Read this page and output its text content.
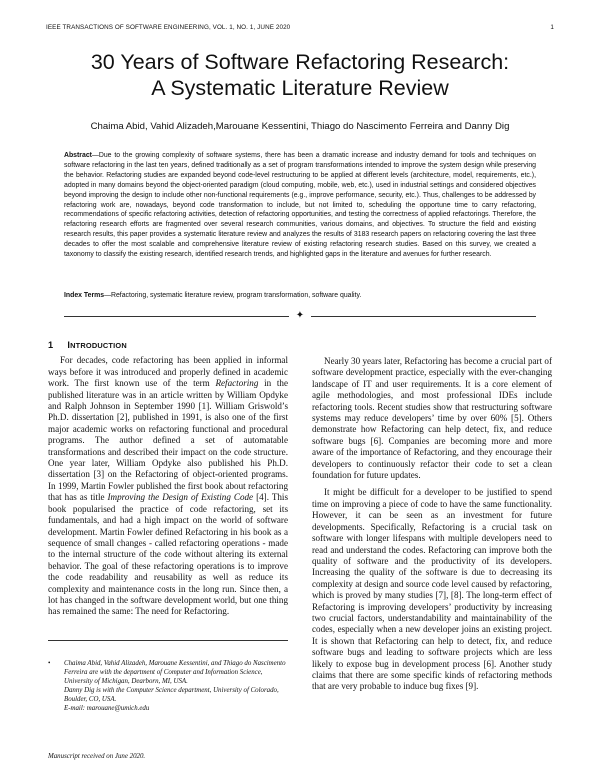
IEEE TRANSACTIONS OF SOFTWARE ENGINEERING, VOL. 1, NO. 1, JUNE 2020	1
30 Years of Software Refactoring Research:
A Systematic Literature Review
Chaima Abid, Vahid Alizadeh,Marouane Kessentini, Thiago do Nascimento Ferreira and Danny Dig
Abstract—Due to the growing complexity of software systems, there has been a dramatic increase and industry demand for tools and techniques on software refactoring in the last ten years, defined traditionally as a set of program transformations intended to improve the system design while preserving the behavior. Refactoring studies are expanded beyond code-level restructuring to be applied at different levels (architecture, model, requirements, etc.), adopted in many domains beyond the object-oriented paradigm (cloud computing, mobile, web, etc.), used in industrial settings and considered objectives beyond improving the design to include other non-functional requirements (e.g., improve performance, security, etc.). Thus, challenges to be addressed by refactoring work are, nowadays, beyond code transformation to include, but not limited to, scheduling the opportune time to carry refactoring, recommendations of specific refactoring activities, detection of refactoring opportunities, and testing the correctness of applied refactorings. Therefore, the refactoring research efforts are fragmented over several research communities, various domains, and objectives. To structure the field and existing research results, this paper provides a systematic literature review and analyzes the results of 3183 research papers on refactoring covering the last three decades to offer the most scalable and comprehensive literature review of existing refactoring research studies. Based on this survey, we created a taxonomy to classify the existing research, identified research trends, and highlighted gaps in the literature and avenues for further research.
Index Terms—Refactoring, systematic literature review, program transformation, software quality.
✦
1 INTRODUCTION

For decades, code refactoring has been applied in informal ways before it was introduced and properly defined in academic work. The first known use of the term Refactoring in the published literature was in an article written by William Opdyke and Ralph Johnson in September 1990 [1]. William Griswold’s Ph.D. dissertation [2], published in 1991, is also one of the first major academic works on refactoring functional and procedural programs. The author defined a set of automatable transformations and described their impact on the code structure. One year later, William Opdyke also published his Ph.D. dissertation [3] on the Refactoring of object-oriented programs. In 1999, Martin Fowler published the first book about refactoring that has as title Improving the Design of Existing Code [4]. This book popularised the practice of code refactoring, set its fundamentals, and had a high impact on the world of software development. Martin Fowler defined Refactoring in his book as a sequence of small changes - called refactoring operations - made to the internal structure of the code without altering its external behavior. The goal of these refactoring operations is to improve the code readability and reusability as well as reduce its complexity and maintenance costs in the long run. Since then, a lot has changed in the software development world, but one thing has remained the same: The need for Refactoring.

Nearly 30 years later, Refactoring has become a crucial part of software development practice, especially with the ever-changing landscape of IT and user requirements. It is a core element of agile methodologies, and most professional IDEs include refactoring tools. Recent studies show that restructuring software systems may reduce developers’ time by over 60% [5]. Others demonstrate how Refactoring can help detect, fix, and reduce software bugs [6]. Companies are becoming more and more aware of the importance of Refactoring, and they encourage their developers to continuously refactor their code to set a clean foundation for future updates.

It might be difficult for a developer to be justified to spend time on improving a piece of code to have the same functionality. However, it can be seen as an investment for future developments. Specifically, Refactoring is a crucial task on software with longer lifespans with multiple developers need to read and understand the codes. Refactoring can improve both the quality of software and the productivity of its developers. Increasing the quality of the software is due to decreasing its complexity at design and source code level caused by refactoring, which is proved by many studies [7], [8]. The long-term effect of Refactoring is improving developers’ productivity by increasing two crucial factors, understandability and maintainability of the codes, especially when a new developer joins an existing project. It is shown that Refactoring can help to detect, fix, and reduce software bugs and leading to software projects which are less likely to expose bug in development process [6]. Another study claims that there are some specific kinds of refactoring methods that are very probable to induce bug fixes [9].

• Chaima Abid, Vahid Alizadeh, Marouane Kessentini, and Thiago do Nascimento Ferreira are with the department of Computer and Information Science, University of Michigan, Dearborn, MI, USA.
Danny Dig is with the Computer Science department, University of Colorado, Boulder, CO, USA.
E-mail: marouane@umich.edu
Manuscript received on June 2020.
